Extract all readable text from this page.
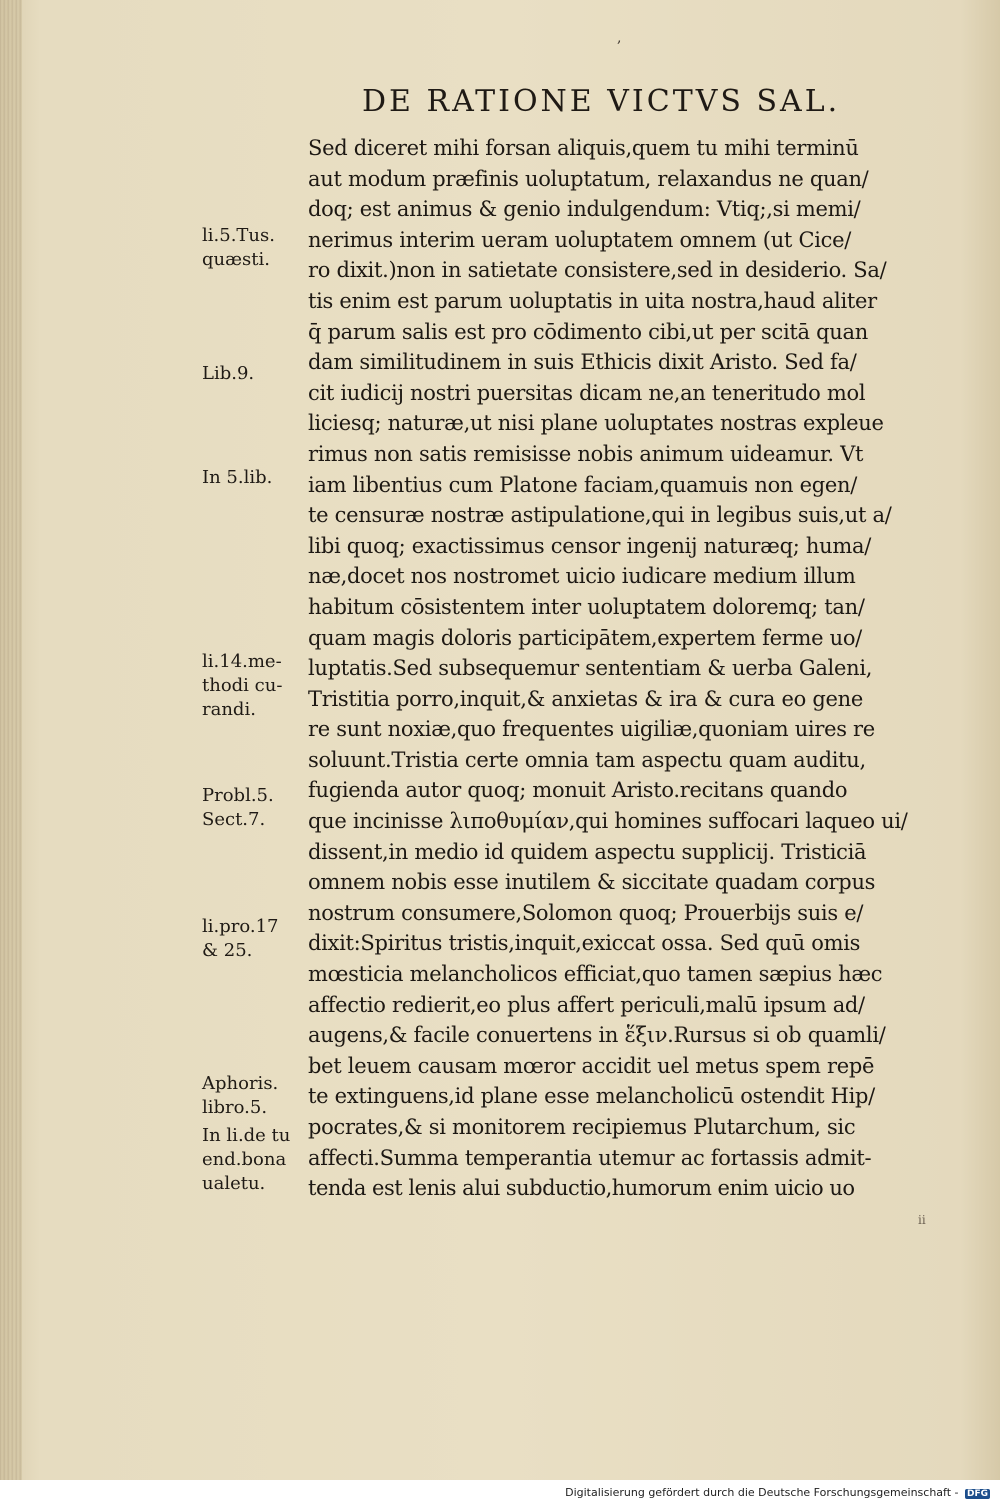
,
DE RATIONE VICTVS SAL.
Sed diceret mihi forsan aliquis,quem tu mihi terminū
aut modum præfinis uoluptatum, relaxandus ne quan/
doq; est animus & genio indulgendum: Vtiq;,si memi/
nerimus interim ueram uoluptatem omnem (ut Cice/
ro dixit.)non in satietate consistere,sed in desiderio. Sa/
tis enim est parum uoluptatis in uita nostra,haud aliter
q̄ parum salis est pro cōdimento cibi,ut per scitā quan
dam similitudinem in suis Ethicis dixit Aristo. Sed fa/
cit iudicij nostri puersitas dicam ne,an teneritudo mol
liciesq; naturæ,ut nisi plane uoluptates nostras expleue
rimus non satis remisisse nobis animum uideamur. Vt
iam libentius cum Platone faciam,quamuis non egen/
te censuræ nostræ astipulatione,qui in legibus suis,ut a/
libi quoq; exactissimus censor ingenij naturæq; huma/
næ,docet nos nostromet uicio iudicare medium illum
habitum cōsistentem inter uoluptatem doloremq; tan/
quam magis doloris participātem,expertem ferme uo/
luptatis.Sed subsequemur sententiam & uerba Galeni,
Tristitia porro,inquit,& anxietas & ira & cura eo gene
re sunt noxiæ,quo frequentes uigiliæ,quoniam uires re
soluunt.Tristia certe omnia tam aspectu quam auditu,
fugienda autor quoq; monuit Aristo.recitans quando
que incinisse λιποθυμίαν,qui homines suffocari laqueo ui/
dissent,in medio id quidem aspectu supplicij. Tristiciā
omnem nobis esse inutilem & siccitate quadam corpus
nostrum consumere,Solomon quoq; Prouerbijs suis e/
dixit:Spiritus tristis,inquit,exiccat ossa. Sed quū omis
mœsticia melancholicos efficiat,quo tamen sæpius hæc
affectio redierit,eo plus affert periculi,malū ipsum ad/
augens,& facile conuertens in ἕξιν.Rursus si ob quamli/
bet leuem causam mœror accidit uel metus spem repē
te extinguens,id plane esse melancholicū ostendit Hip/
pocrates,& si monitorem recipiemus Plutarchum, sic
affecti.Summa temperantia utemur ac fortassis admit-
tenda est lenis alui subductio,humorum enim uicio uo
li.5.Tus.
quæsti.
Lib.9.
In 5.lib.
li.14.me-
thodi cu-
randi.
Probl.5.
Sect.7.
li.pro.17
& 25.
Aphoris.
libro.5.
In li.de tu
end.bona
ualetu.
ii
Digitalisierung gefördert durch die Deutsche Forschungsgemeinschaft - DFG
